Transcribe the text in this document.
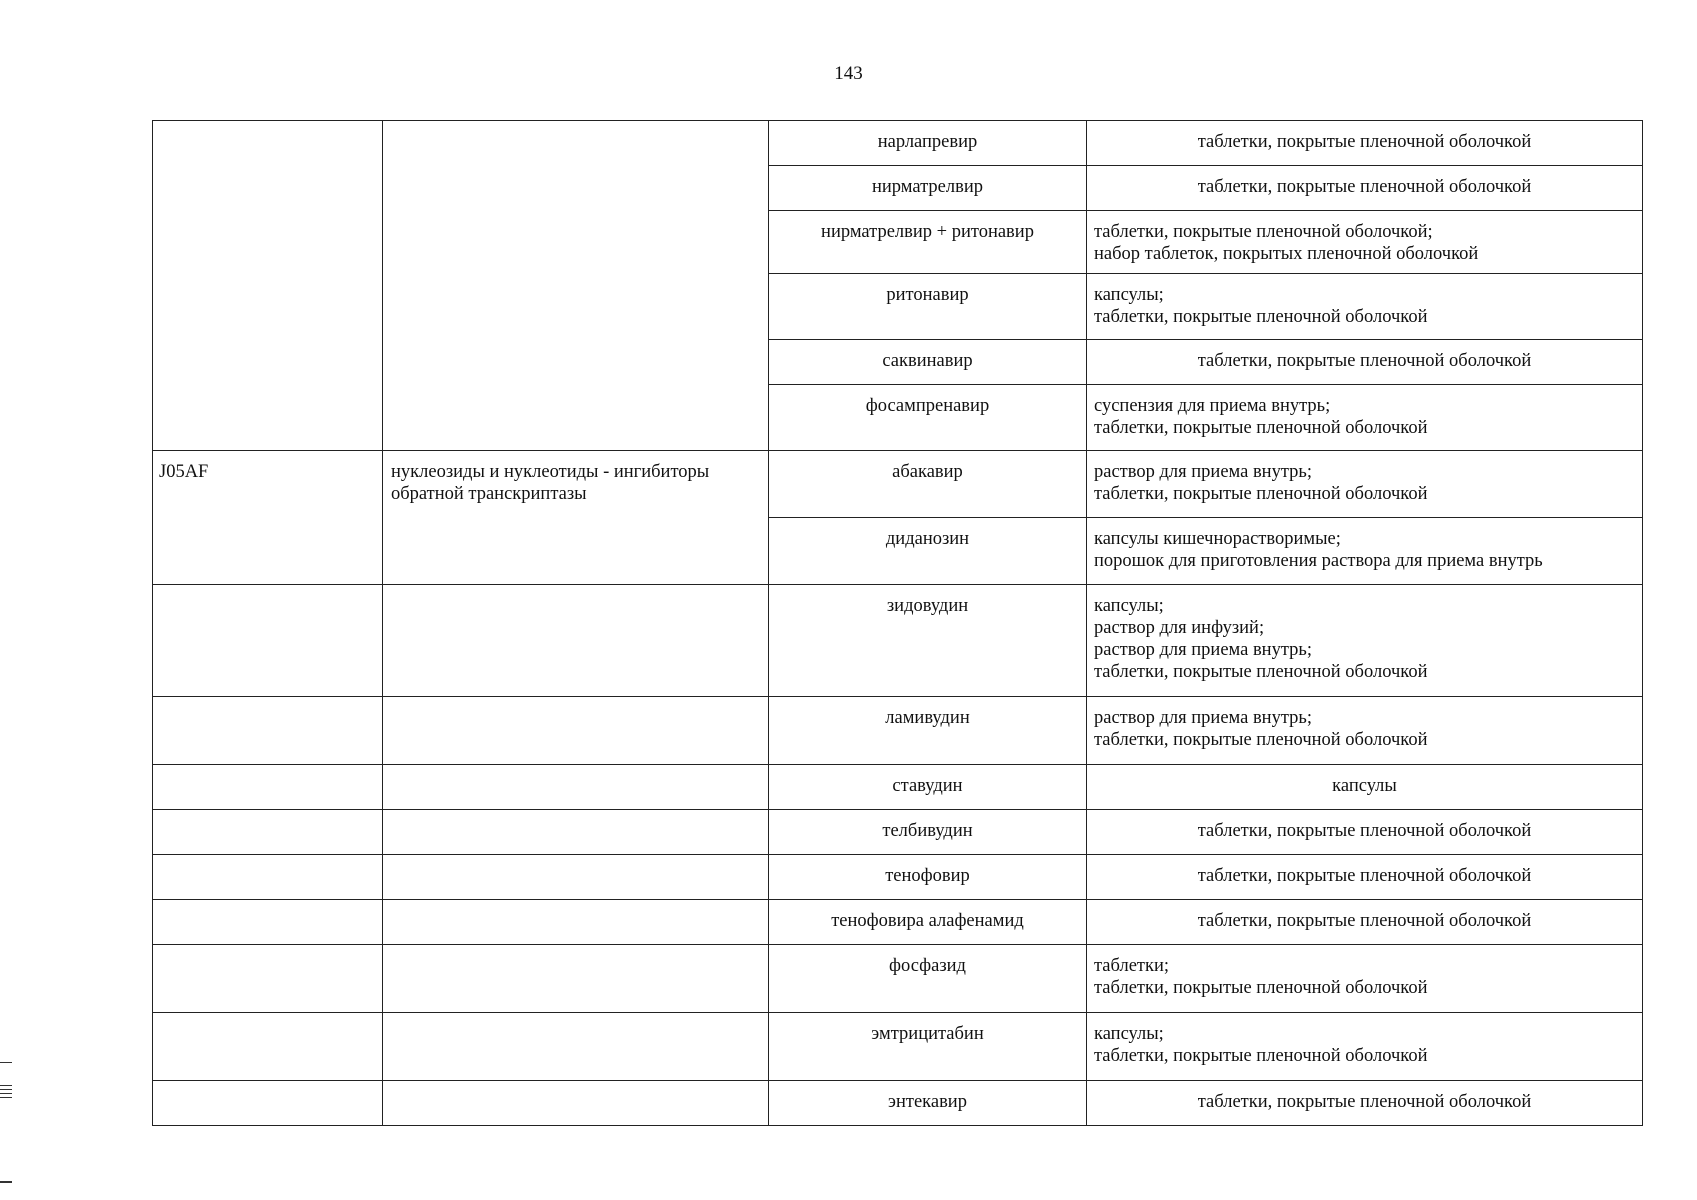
143
		нарлапревир	таблетки, покрытые пленочной оболочкой

		нирматрелвир	таблетки, покрытые пленочной оболочкой

		нирматрелвир + ритонавир	таблетки, покрытые пленочной оболочкой;
набор таблеток, покрытых пленочной оболочкой

		ритонавир	капсулы;
таблетки, покрытые пленочной оболочкой

		саквинавир	таблетки, покрытые пленочной оболочкой

		фосампренавир	суспензия для приема внутрь;
таблетки, покрытые пленочной оболочкой

J05AF	нуклеозиды и нуклеотиды - ингибиторы обратной транскриптазы	абакавир	раствор для приема внутрь;
таблетки, покрытые пленочной оболочкой

		диданозин	капсулы кишечнорастворимые;
порошок для приготовления раствора для приема внутрь

		зидовудин	капсулы;
раствор для инфузий;
раствор для приема внутрь;
таблетки, покрытые пленочной оболочкой

		ламивудин	раствор для приема внутрь;
таблетки, покрытые пленочной оболочкой

		ставудин	капсулы

		телбивудин	таблетки, покрытые пленочной оболочкой

		тенофовир	таблетки, покрытые пленочной оболочкой

		тенофовира алафенамид	таблетки, покрытые пленочной оболочкой

		фосфазид	таблетки;
таблетки, покрытые пленочной оболочкой

		эмтрицитабин	капсулы;
таблетки, покрытые пленочной оболочкой

		энтекавир	таблетки, покрытые пленочной оболочкой
